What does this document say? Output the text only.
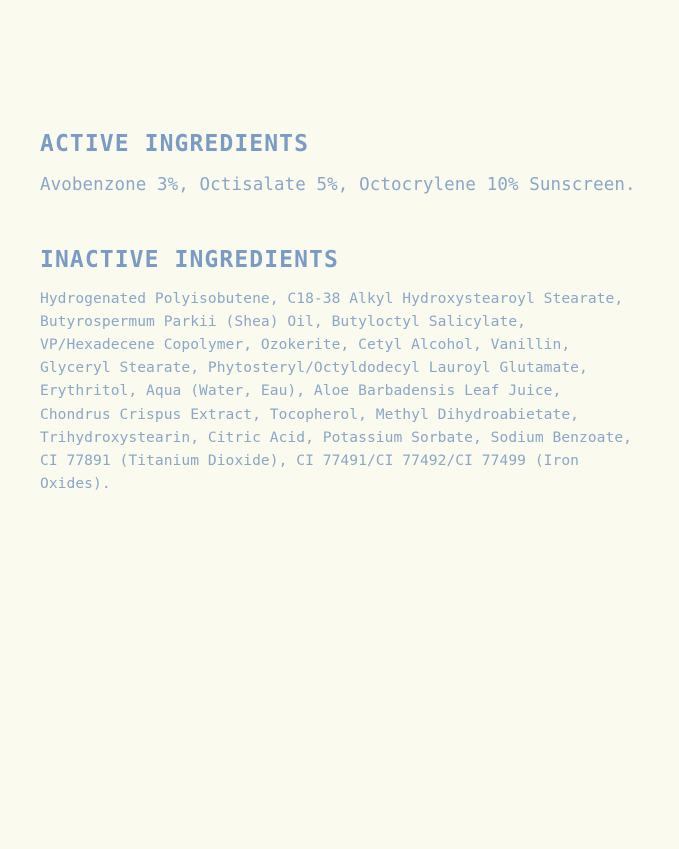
ACTIVE INGREDIENTS

Avobenzone 3%, Octisalate 5%, Octocrylene 10% Sunscreen.

INACTIVE INGREDIENTS

Hydrogenated Polyisobutene, C18-38 Alkyl Hydroxystearoyl Stearate, Butyrospermum Parkii (Shea) Oil, Butyloctyl Salicylate, VP/Hexadecene Copolymer, Ozokerite, Cetyl Alcohol, Vanillin, Glyceryl Stearate, Phytosteryl/Octyldodecyl Lauroyl Glutamate, Erythritol, Aqua (Water, Eau), Aloe Barbadensis Leaf Juice, Chondrus Crispus Extract, Tocopherol, Methyl Dihydroabietate, Trihydroxystearin, Citric Acid, Potassium Sorbate, Sodium Benzoate, CI 77891 (Titanium Dioxide), CI 77491/CI 77492/CI 77499 (Iron Oxides).
